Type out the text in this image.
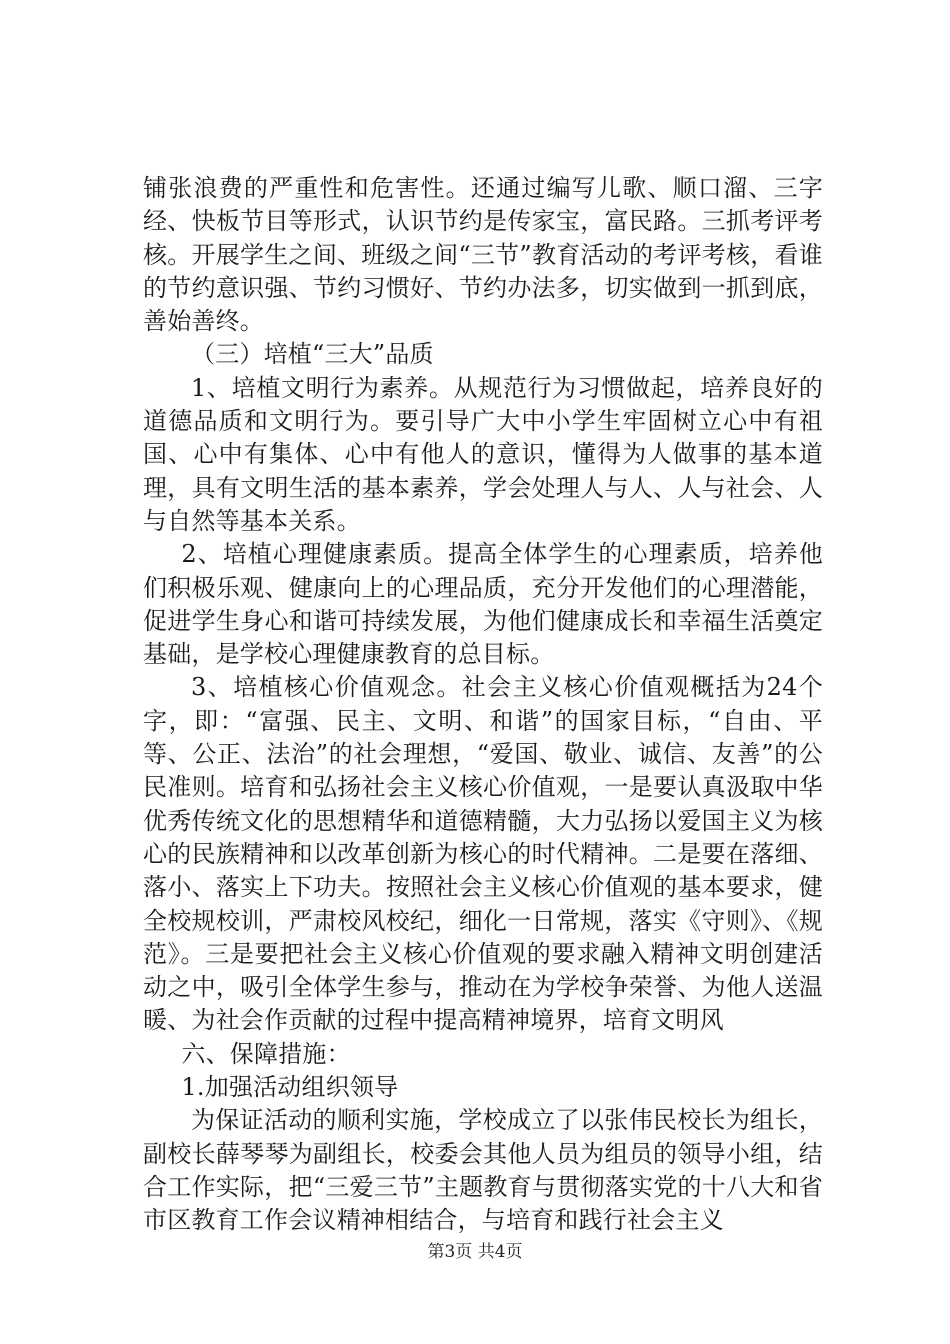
铺张浪费的严重性和危害性。还通过编写儿歌、顺口溜、三字经、快板节目等形式，认识节约是传家宝，富民路。三抓考评考核。开展学生之间、班级之间“三节”教育活动的考评考核，看谁的节约意识强、节约习惯好、节约办法多，切实做到一抓到底，善始善终。

（三）培植“三大”品质

1、培植文明行为素养。从规范行为习惯做起，培养良好的道德品质和文明行为。要引导广大中小学生牢固树立心中有祖国、心中有集体、心中有他人的意识，懂得为人做事的基本道理，具有文明生活的基本素养，学会处理人与人、人与社会、人与自然等基本关系。

2、培植心理健康素质。提高全体学生的心理素质，培养他们积极乐观、健康向上的心理品质，充分开发他们的心理潜能，促进学生身心和谐可持续发展，为他们健康成长和幸福生活奠定基础，是学校心理健康教育的总目标。

3、培植核心价值观念。社会主义核心价值观概括为24个字，即：“富强、民主、文明、和谐”的国家目标，“自由、平等、公正、法治”的社会理想，“爱国、敬业、诚信、友善”的公民准则。培育和弘扬社会主义核心价值观，一是要认真汲取中华优秀传统文化的思想精华和道德精髓，大力弘扬以爱国主义为核心的民族精神和以改革创新为核心的时代精神。二是要在落细、落小、落实上下功夫。按照社会主义核心价值观的基本要求，健全校规校训，严肃校风校纪，细化一日常规，落实《守则》、《规范》。三是要把社会主义核心价值观的要求融入精神文明创建活动之中，吸引全体学生参与，推动在为学校争荣誉、为他人送温暖、为社会作贡献的过程中提高精神境界，培育文明风

六、保障措施：

1.加强活动组织领导

为保证活动的顺利实施，学校成立了以张伟民校长为组长，副校长薛琴琴为副组长，校委会其他人员为组员的领导小组，结合工作实际，把“三爱三节”主题教育与贯彻落实党的十八大和省市区教育工作会议精神相结合，与培育和践行社会主义

第3页 共4页
